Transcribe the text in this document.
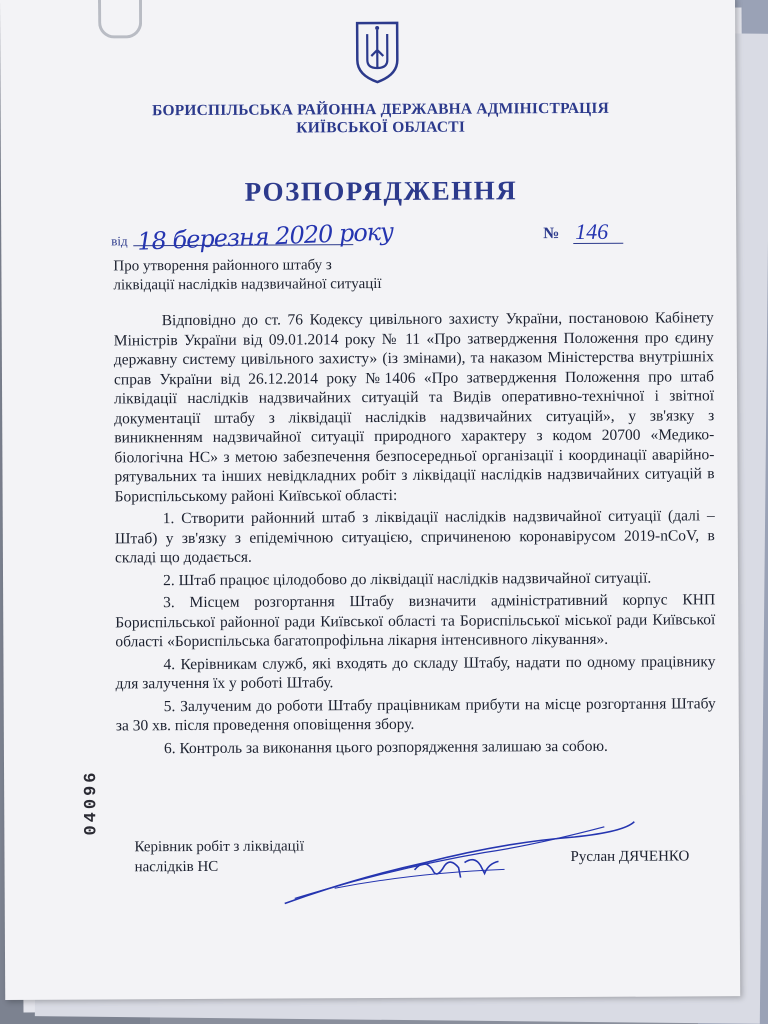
БОРИСПІЛЬСЬКА РАЙОННА ДЕРЖАВНА АДМІНІСТРАЦІЯ
КИЇВСЬКОЇ ОБЛАСТІ
РОЗПОРЯДЖЕННЯ
від 18 березня 2020 року	№ 146
Про утворення районного штабу з
ліквідації наслідків надзвичайної ситуації

Відповідно до ст. 76 Кодексу цивільного захисту України, постановою Кабінету Міністрів України від 09.01.2014 року № 11 «Про затвердження Положення про єдину державну систему цивільного захисту» (із змінами), та наказом Міністерства внутрішніх справ України від 26.12.2014 року №1406 «Про затвердження Положення про штаб ліквідації наслідків надзвичайних ситуацій та Видів оперативно-технічної і звітної документації штабу з ліквідації наслідків надзвичайних ситуацій», у зв'язку з виникненням надзвичайної ситуації природного характеру з кодом 20700 «Медико-біологічна НС» з метою забезпечення безпосередньої організації і координації аварійно-рятувальних та інших невідкладних робіт з ліквідації наслідків надзвичайних ситуацій в Бориспільському районі Київської області:

1. Створити районний штаб з ліквідації наслідків надзвичайної ситуації (далі – Штаб) у зв'язку з епідемічною ситуацією, спричиненою коронавірусом 2019-nCoV, в складі що додається.

2. Штаб працює цілодобово до ліквідації наслідків надзвичайної ситуації.

3. Місцем розгортання Штабу визначити адміністративний корпус КНП Бориспільської районної ради Київської області та Бориспільської міської ради Київської області «Бориспільська багатопрофільна лікарня інтенсивного лікування».

4. Керівникам служб, які входять до складу Штабу, надати по одному працівнику для залучення їх у роботі Штабу.

5. Залученим до роботи Штабу працівникам прибути на місце розгортання Штабу за 30 хв. після проведення оповіщення збору.

6. Контроль за виконання цього розпорядження залишаю за собою.

04096
Керівник робіт з ліквідації
наслідків НС
Руслан ДЯЧЕНКО
